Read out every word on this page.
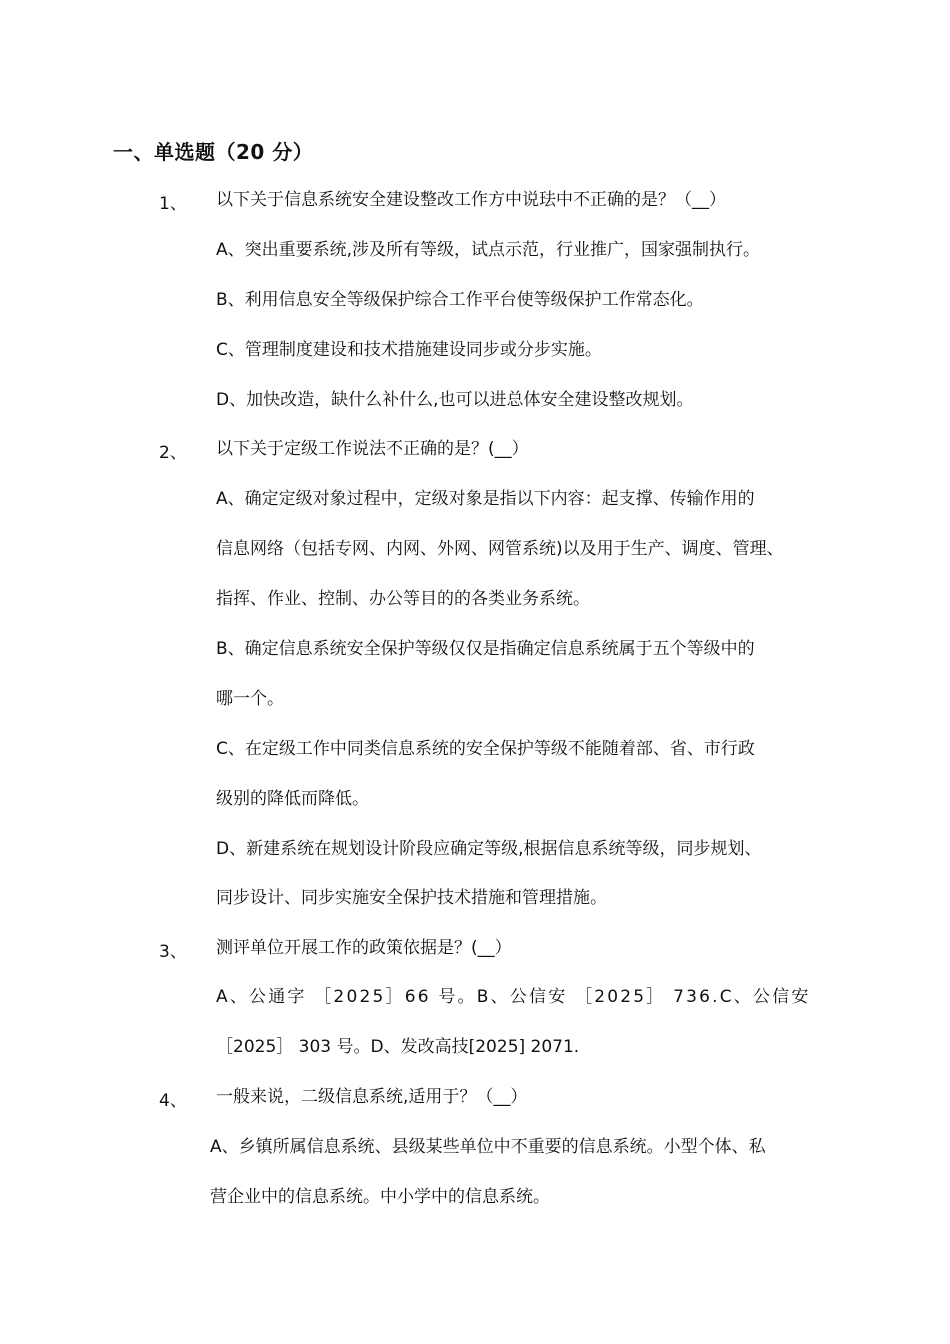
一、单选题（20 分）
1、 以下关于信息系统安全建设整改工作方中说珐中不正确的是？（__）
A、突出重要系统,涉及所有等级，试点示范，行业推广，国家强制执行。
B、利用信息安全等级保护综合工作平台使等级保护工作常态化。
C、管理制度建设和技术措施建设同步或分步实施。
D、加快改造，缺什么补什么,也可以进总体安全建设整改规划。
2、 以下关于定级工作说法不正确的是？(__）
A、确定定级对象过程中，定级对象是指以下内容：起支撑、传输作用的
信息网络（包括专网、内网、外网、网管系统)以及用于生产、调度、管理、
指挥、作业、控制、办公等目的的各类业务系统。
B、确定信息系统安全保护等级仅仅是指确定信息系统属于五个等级中的
哪一个。
C、在定级工作中同类信息系统的安全保护等级不能随着部、省、市行政
级别的降低而降低。
D、新建系统在规划设计阶段应确定等级,根据信息系统等级，同步规划、
同步设计、同步实施安全保护技术措施和管理措施。
3、 测评单位开展工作的政策依据是？(__）
A、公通字 ［2025］66 号。B、公信安 ［2025］ 736.C、公信安
［2025］ 303 号。D、发改高技[2025] 2071.
4、 一般来说，二级信息系统,适用于？（__）
A、乡镇所属信息系统、县级某些单位中不重要的信息系统。小型个体、私
营企业中的信息系统。中小学中的信息系统。
